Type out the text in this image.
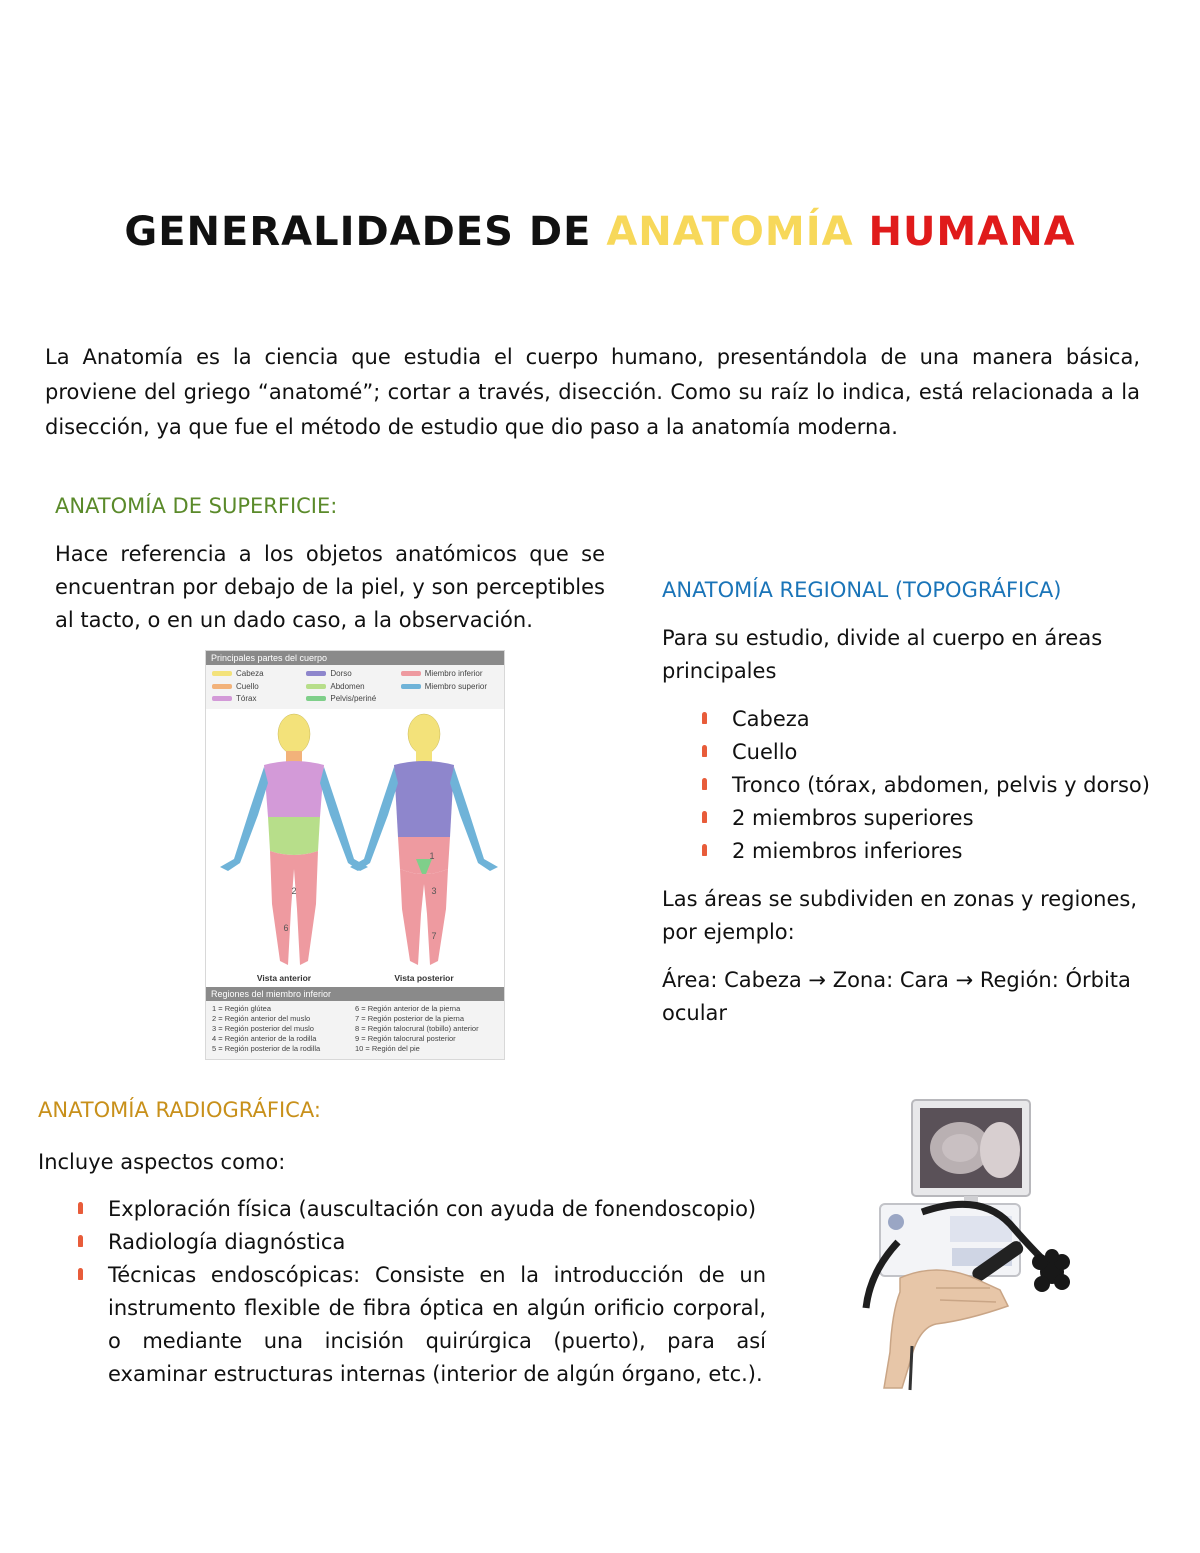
GENERALIDADES DE ANATOMÍA HUMANA

La Anatomía es la ciencia que estudia el cuerpo humano, presentándola de una manera básica, proviene del griego “anatomé”; cortar a través, disección. Como su raíz lo indica, está relacionada a la disección, ya que fue el método de estudio que dio paso a la anatomía moderna.

ANATOMÍA DE SUPERFICIE:

Hace referencia a los objetos anatómicos que se encuentran por debajo de la piel, y son perceptibles al tacto, o en un dado caso, a la observación.

Principales partes del cuerpo
Cabeza	Dorso	Miembro inferior
Cuello	Abdomen	Miembro superior
Tórax	Pelvis/periné
2
6
1
3
7
Vista anterior	Vista posterior
Regiones del miembro inferior
1 = Región glútea
2 = Región anterior del muslo
3 = Región posterior del muslo
4 = Región anterior de la rodilla
5 = Región posterior de la rodilla
6 = Región anterior de la pierna
7 = Región posterior de la pierna
8 = Región talocrural (tobillo) anterior
9 = Región talocrural posterior
10 = Región del pie
ANATOMÍA REGIONAL (TOPOGRÁFICA)

Para su estudio, divide al cuerpo en áreas principales

Cabeza
Cuello
Tronco (tórax, abdomen, pelvis y dorso)
2 miembros superiores
2 miembros inferiores

Las áreas se subdividen en zonas y regiones, por ejemplo:

Área: Cabeza → Zona: Cara → Región: Órbita ocular

ANATOMÍA RADIOGRÁFICA:

Incluye aspectos como:

Exploración física (auscultación con ayuda de fonendoscopio)
Radiología diagnóstica
Técnicas endoscópicas: Consiste en la introducción de un instrumento flexible de fibra óptica en algún orificio corporal, o mediante una incisión quirúrgica (puerto), para así examinar estructuras internas (interior de algún órgano, etc.).
